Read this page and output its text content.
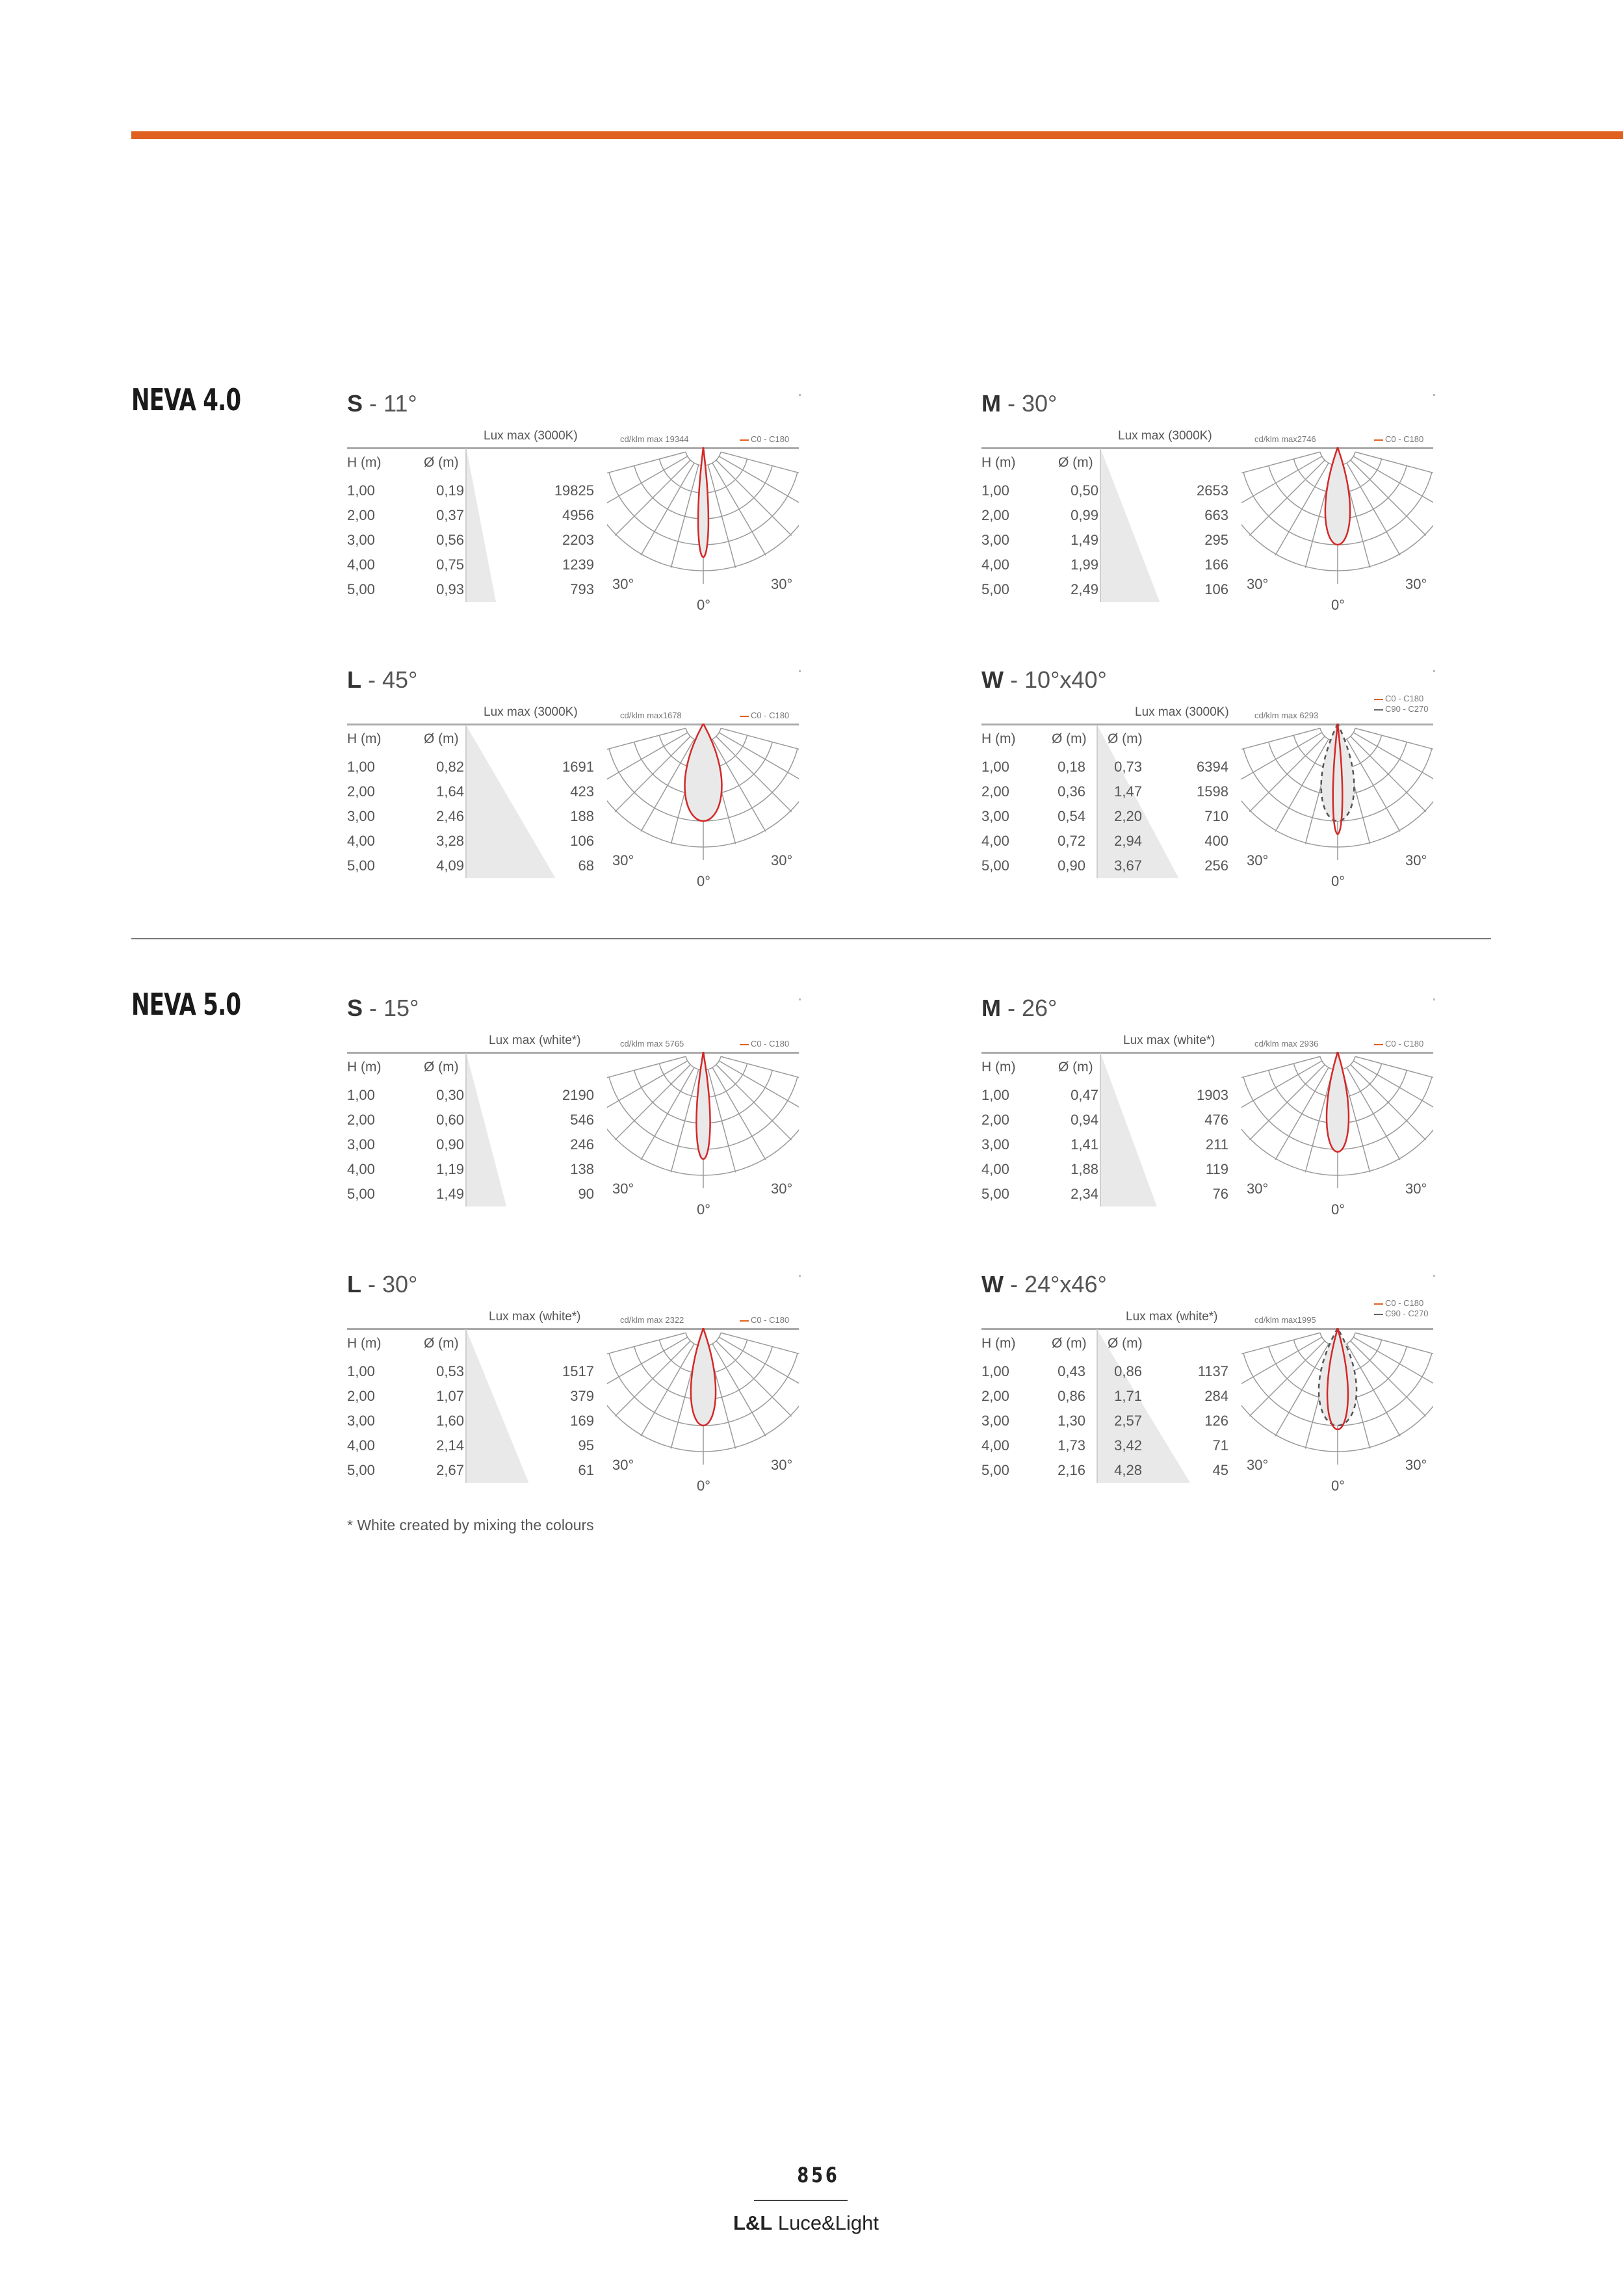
NEVA 4.0
NEVA 5.0
S - 11°
Lux max (3000K)	cd/klm max 19344	C0 - C180
H (m)	Ø (m)
1,00	0,19	19825
2,00	0,37	4956
3,00	0,56	2203
4,00	0,75	1239
5,00	0,93	793 30°	30°
0°
M - 30°
Lux max (3000K)	cd/klm max2746	C0 - C180
H (m)	Ø (m)
1,00	0,50	2653
2,00	0,99	663
3,00	1,49	295
4,00	1,99	166
5,00	2,49	106 30°	30°
0°
L - 45°
Lux max (3000K)	cd/klm max1678	C0 - C180
H (m)	Ø (m)
1,00	0,82	1691
2,00	1,64	423
3,00	2,46	188
4,00	3,28	106
5,00	4,09	68 30°	30°
0°
W - 10°x40°
Lux max (3000K)	cd/klm max 6293
C0 - C180
C90 - C270
H (m)	Ø (m) Ø (m)
1,00	0,18	0,73	6394
2,00	0,36	1,47	1598
3,00	0,54	2,20	710
4,00	0,72	2,94	400
5,00	0,90	3,67	256 30°	30°
0°
S - 15°
Lux max (white*)	cd/klm max 5765	C0 - C180
H (m)	Ø (m)
1,00	0,30	2190
2,00	0,60	546
3,00	0,90	246
4,00	1,19	138
5,00	1,49	90 30°	30°
0°
M - 26°
Lux max (white*)	cd/klm max 2936	C0 - C180
H (m)	Ø (m)
1,00	0,47	1903
2,00	0,94	476
3,00	1,41	211
4,00	1,88	119
5,00	2,34	76 30°	30°
0°
L - 30°
Lux max (white*)	cd/klm max 2322	C0 - C180
H (m)	Ø (m)
1,00	0,53	1517
2,00	1,07	379
3,00	1,60	169
4,00	2,14	95
5,00	2,67	61 30°	30°
0°
W - 24°x46°
Lux max (white*)	cd/klm max1995
C0 - C180
C90 - C270
H (m)	Ø (m) Ø (m)
1,00	0,43	0,86	1137
2,00	0,86	1,71	284
3,00	1,30	2,57	126
4,00	1,73	3,42	71
5,00	2,16	4,28	45 30°	30°
0°
* White created by mixing the colours
856
L&L Luce&Light
